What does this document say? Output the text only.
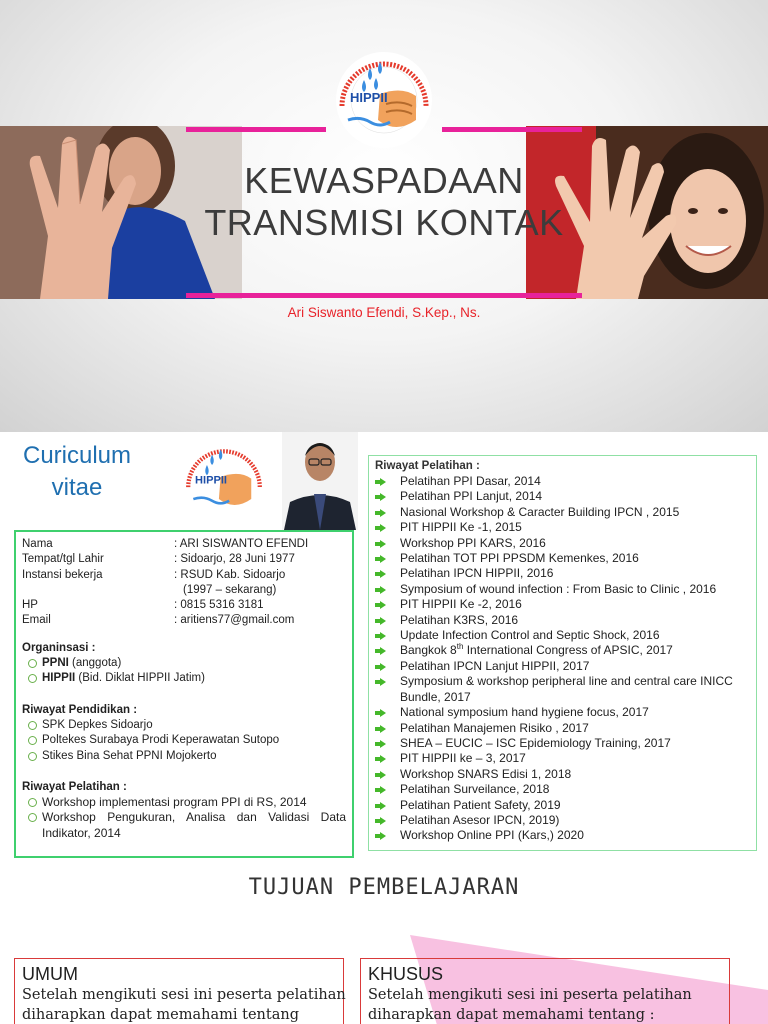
HIPPII
KEWASPADAAN
TRANSMISI KONTAK
Ari Siswanto Efendi, S.Kep., Ns.
Curiculum
vitae	HIPPII
Nama	: ARI SISWANTO EFENDI
Tempat/tgl Lahir	: Sidoarjo, 28 Juni 1977
Instansi bekerja	: RSUD Kab. Sidoarjo
(1997 – sekarang)
HP	: 0815 5316 3181
Email	: aritiens77@gmail.com
Organinsasi :
PPNI (anggota)
HIPPII (Bid. Diklat HIPPII Jatim)
Riwayat Pendidikan :
SPK Depkes Sidoarjo
Poltekes Surabaya Prodi Keperawatan Sutopo
Stikes Bina Sehat PPNI Mojokerto
Riwayat Pelatihan :
Workshop implementasi program PPI di RS, 2014
Workshop Pengukuran, Analisa dan Validasi Data Indikator, 2014
Riwayat Pelatihan :
Pelatihan PPI Dasar, 2014
Pelatihan PPI Lanjut, 2014
Nasional Workshop & Caracter Building IPCN , 2015
PIT HIPPII Ke -1, 2015
Workshop PPI KARS, 2016
Pelatihan TOT PPI PPSDM Kemenkes, 2016
Pelatihan IPCN HIPPII, 2016
Symposium of wound infection : From Basic to Clinic , 2016
PIT HIPPII Ke -2, 2016
Pelatihan K3RS, 2016
Update Infection Control and Septic Shock, 2016
Bangkok 8th International Congress of APSIC, 2017
Pelatihan IPCN Lanjut HIPPII, 2017
Symposium & workshop peripheral line and central care INICC Bundle, 2017
National symposium hand hygiene focus, 2017
Pelatihan Manajemen Risiko , 2017
SHEA – EUCIC – ISC Epidemiology Training, 2017
PIT HIPPII ke – 3, 2017
Workshop SNARS Edisi 1, 2018
Pelatihan Surveilance, 2018
Pelatihan Patient Safety, 2019
Pelatihan Asesor IPCN, 2019)
Workshop Online PPI (Kars,) 2020
TUJUAN PEMBELAJARAN
UMUM
Setelah mengikuti sesi ini peserta pelatihan
diharapkan dapat memahami tentang
KHUSUS
Setelah mengikuti sesi ini peserta pelatihan
diharapkan dapat memahami tentang :
